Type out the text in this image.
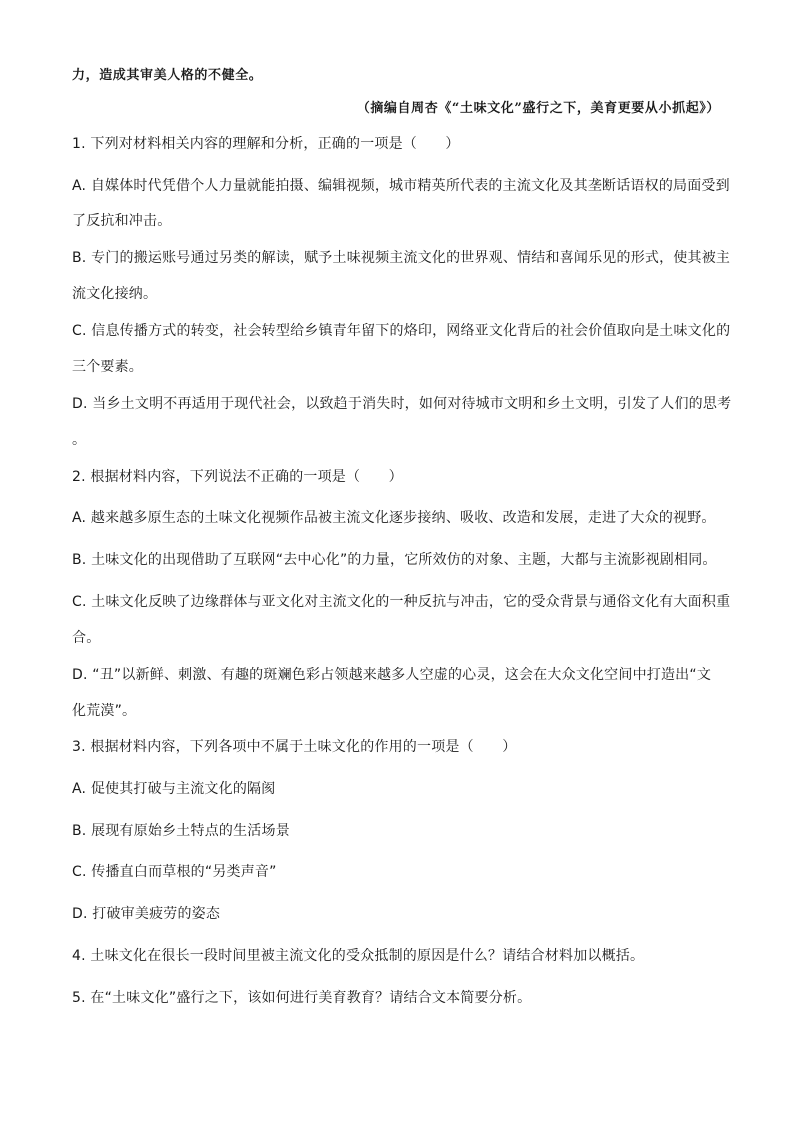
力，造成其审美人格的不健全。
（摘编自周杏《“土味文化”盛行之下，美育更要从小抓起》）
1. 下列对材料相关内容的理解和分析，正确的一项是（　　）
A. 自媒体时代凭借个人力量就能拍摄、编辑视频，城市精英所代表的主流文化及其垄断话语权的局面受到
了反抗和冲击。
B. 专门的搬运账号通过另类的解读，赋予土味视频主流文化的世界观、情结和喜闻乐见的形式，使其被主
流文化接纳。
C. 信息传播方式的转变，社会转型给乡镇青年留下的烙印，网络亚文化背后的社会价值取向是土味文化的
三个要素。
D. 当乡土文明不再适用于现代社会，以致趋于消失时，如何对待城市文明和乡土文明，引发了人们的思考
。
2. 根据材料内容，下列说法不正确的一项是（　　）
A. 越来越多原生态的土味文化视频作品被主流文化逐步接纳、吸收、改造和发展，走进了大众的视野。
B. 土味文化的出现借助了互联网“去中心化”的力量，它所效仿的对象、主题，大都与主流影视剧相同。
C. 土味文化反映了边缘群体与亚文化对主流文化的一种反抗与冲击，它的受众背景与通俗文化有大面积重
合。
D. “丑”以新鲜、刺激、有趣的斑斓色彩占领越来越多人空虚的心灵，这会在大众文化空间中打造出“文
化荒漠”。
3. 根据材料内容，下列各项中不属于土味文化的作用的一项是（　　）
A. 促使其打破与主流文化的隔阂
B. 展现有原始乡土特点的生活场景
C. 传播直白而草根的“另类声音”
D. 打破审美疲劳的姿态
4. 土味文化在很长一段时间里被主流文化的受众抵制的原因是什么？请结合材料加以概括。
5. 在“土味文化”盛行之下，该如何进行美育教育？请结合文本简要分析。
